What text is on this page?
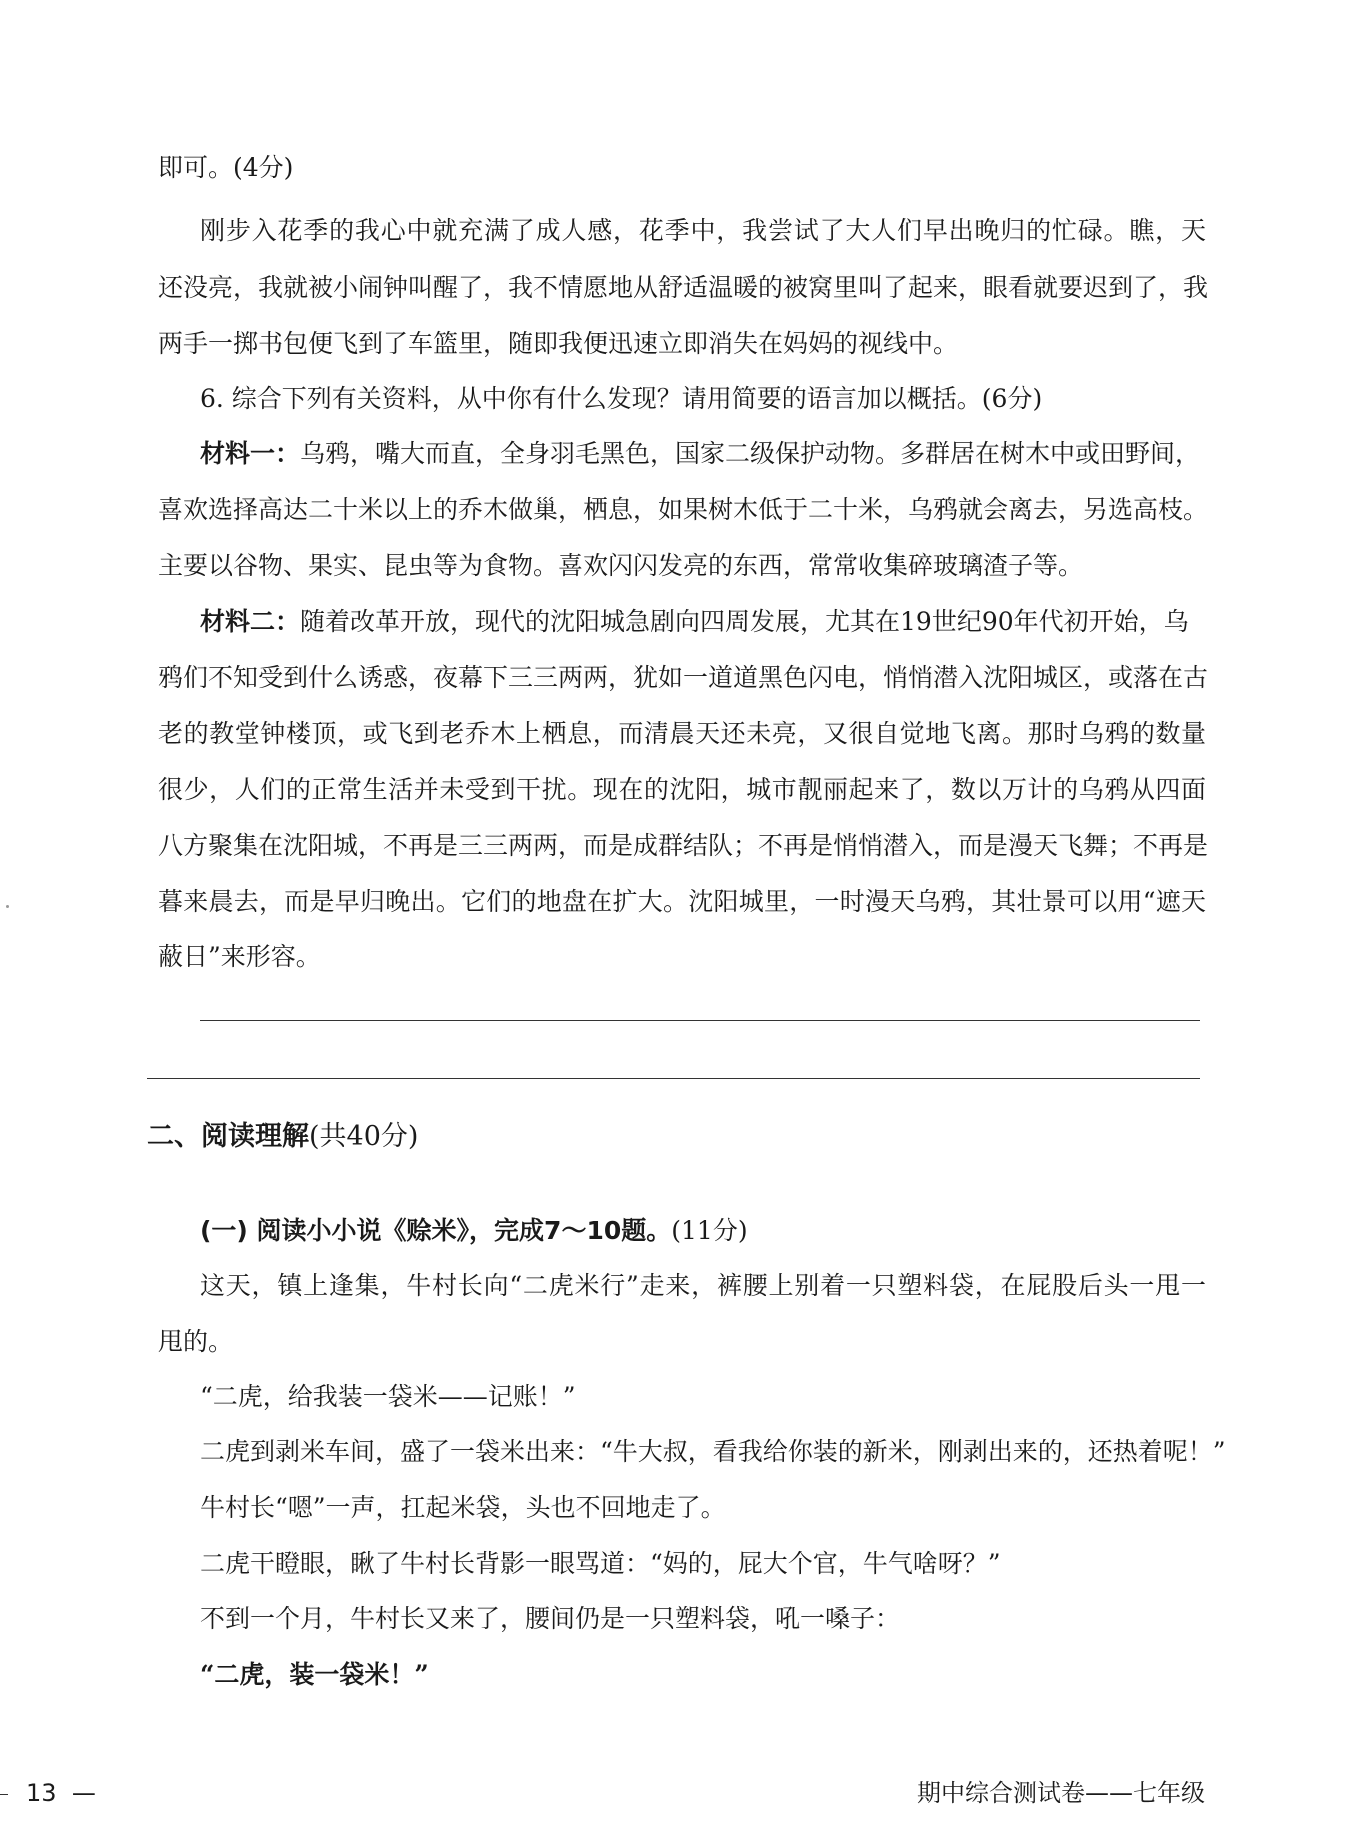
即可。(4分)
刚步入花季的我心中就充满了成人感，花季中，我尝试了大人们早出晚归的忙碌。瞧，天
还没亮，我就被小闹钟叫醒了，我不情愿地从舒适温暖的被窝里叫了起来，眼看就要迟到了，我
两手一掷书包便飞到了车篮里，随即我便迅速立即消失在妈妈的视线中。
6. 综合下列有关资料，从中你有什么发现？请用简要的语言加以概括。(6分)
材料一：乌鸦，嘴大而直，全身羽毛黑色，国家二级保护动物。多群居在树木中或田野间，
喜欢选择高达二十米以上的乔木做巢，栖息，如果树木低于二十米，乌鸦就会离去，另选高枝。
主要以谷物、果实、昆虫等为食物。喜欢闪闪发亮的东西，常常收集碎玻璃渣子等。
材料二：随着改革开放，现代的沈阳城急剧向四周发展，尤其在19世纪90年代初开始，乌
鸦们不知受到什么诱惑，夜幕下三三两两，犹如一道道黑色闪电，悄悄潜入沈阳城区，或落在古
老的教堂钟楼顶，或飞到老乔木上栖息，而清晨天还未亮，又很自觉地飞离。那时乌鸦的数量
很少，人们的正常生活并未受到干扰。现在的沈阳，城市靓丽起来了，数以万计的乌鸦从四面
八方聚集在沈阳城，不再是三三两两，而是成群结队；不再是悄悄潜入，而是漫天飞舞；不再是
暮来晨去，而是早归晚出。它们的地盘在扩大。沈阳城里，一时漫天乌鸦，其壮景可以用“遮天
蔽日”来形容。
二、阅读理解(共40分)
(一) 阅读小小说《赊米》，完成7～10题。(11分)
这天，镇上逢集，牛村长向“二虎米行”走来，裤腰上别着一只塑料袋，在屁股后头一甩一
甩的。
“二虎，给我装一袋米——记账！”
二虎到剥米车间，盛了一袋米出来：“牛大叔，看我给你装的新米，刚剥出来的，还热着呢！”
牛村长“嗯”一声，扛起米袋，头也不回地走了。
二虎干瞪眼，瞅了牛村长背影一眼骂道：“妈的，屁大个官，牛气啥呀？”
不到一个月，牛村长又来了，腰间仍是一只塑料袋，吼一嗓子：
“二虎，装一袋米！”
13 —	期中综合测试卷——七年级
